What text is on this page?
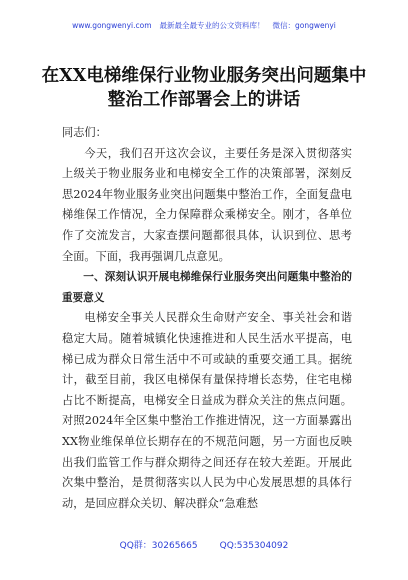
www.gongwenyi.com 最新最全最专业的公文资料库！ 微信：gongwenyi
在XX电梯维保行业物业服务突出问题集中整治工作部署会上的讲话

同志们：

今天，我们召开这次会议，主要任务是深入贯彻落实上级关于物业服务业和电梯安全工作的决策部署，深刻反思2024年物业服务业突出问题集中整治工作，全面复盘电梯维保工作情况，全力保障群众乘梯安全。刚才，各单位作了交流发言，大家查摆问题都很具体，认识到位、思考全面。下面，我再强调几点意见。

一、深刻认识开展电梯维保行业服务突出问题集中整治的重要意义

电梯安全事关人民群众生命财产安全、事关社会和谐稳定大局。随着城镇化快速推进和人民生活水平提高，电梯已成为群众日常生活中不可或缺的重要交通工具。据统计，截至目前，我区电梯保有量保持增长态势，住宅电梯占比不断提高，电梯安全日益成为群众关注的焦点问题。对照2024年全区集中整治工作推进情况，这一方面暴露出XX物业维保单位长期存在的不规范问题，另一方面也反映出我们监管工作与群众期待之间还存在较大差距。开展此次集中整治，是贯彻落实以人民为中心发展思想的具体行动，是回应群众关切、解决群众“急难愁

QQ群：30265665 QQ:535304092
